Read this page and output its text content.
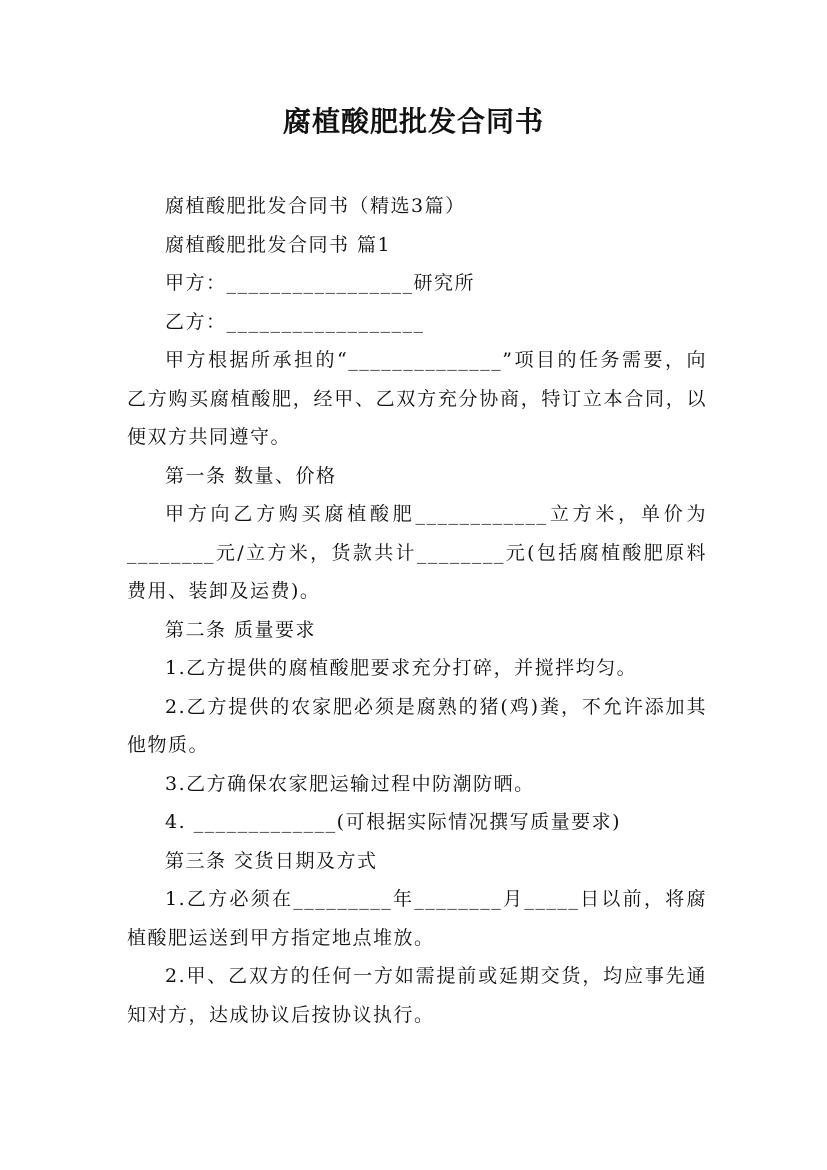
腐植酸肥批发合同书

腐植酸肥批发合同书（精选3篇）

腐植酸肥批发合同书 篇1

甲方：_________________研究所

乙方：__________________

甲方根据所承担的“______________”项目的任务需要，向乙方购买腐植酸肥，经甲、乙双方充分协商，特订立本合同，以便双方共同遵守。

第一条 数量、价格

甲方向乙方购买腐植酸肥____________立方米，单价为________元/立方米，货款共计________元(包括腐植酸肥原料费用、装卸及运费)。

第二条 质量要求

1.乙方提供的腐植酸肥要求充分打碎，并搅拌均匀。

2.乙方提供的农家肥必须是腐熟的猪(鸡)粪，不允许添加其他物质。

3.乙方确保农家肥运输过程中防潮防晒。

4. _____________(可根据实际情况撰写质量要求)

第三条 交货日期及方式

1.乙方必须在_________年________月_____日以前，将腐植酸肥运送到甲方指定地点堆放。

2.甲、乙双方的任何一方如需提前或延期交货，均应事先通知对方，达成协议后按协议执行。
